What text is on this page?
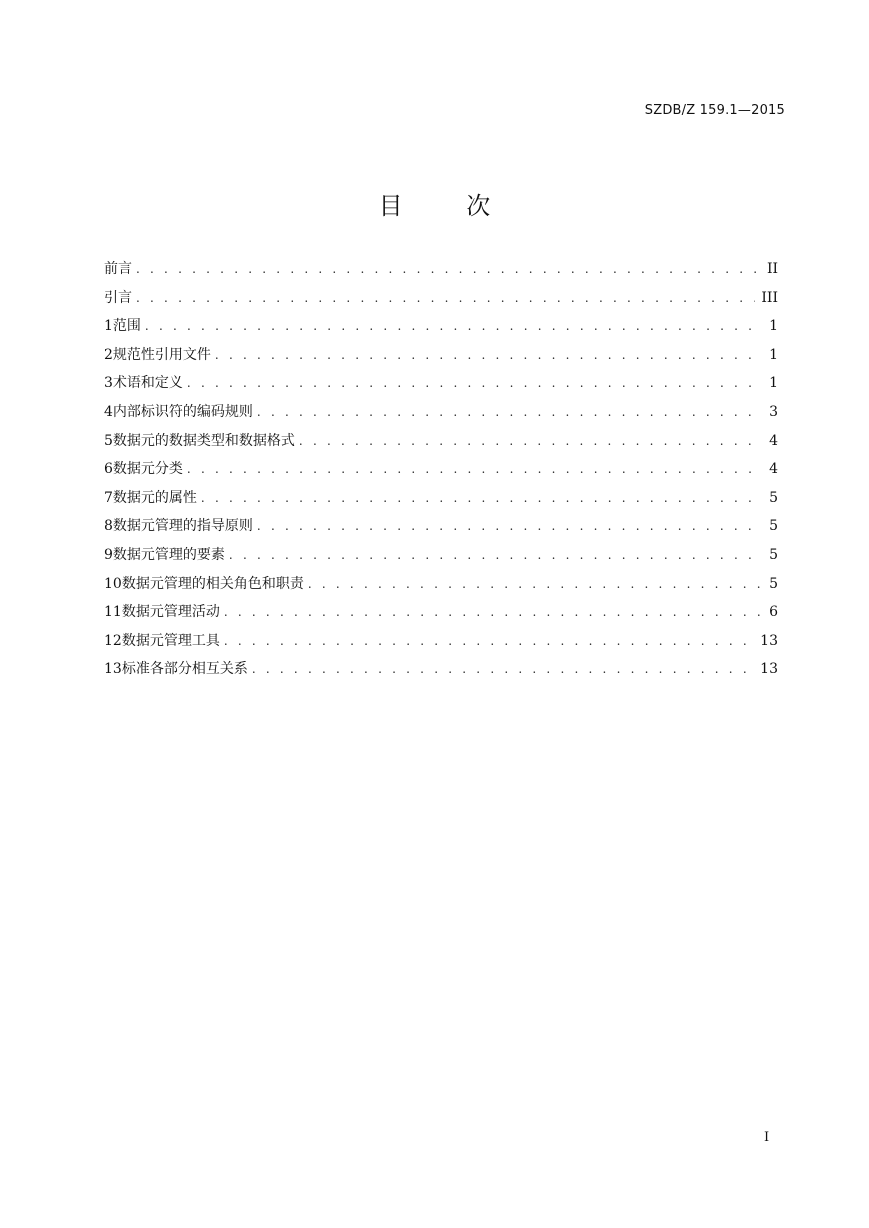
SZDB/Z 159.1—2015
目 次
前言 . . .	II
引言 . . .	III
1 范围 . . .	1
2 规范性引用文件 . . .	1
3 术语和定义 . . .	1
4 内部标识符的编码规则 . . .	3
5 数据元的数据类型和数据格式 . . .	4
6 数据元分类 . . .	4
7 数据元的属性 . . .	5
8 数据元管理的指导原则 . . .	5
9 数据元管理的要素 . . .	5
10 数据元管理的相关角色和职责 . . .	5
11 数据元管理活动 . . .	6
12 数据元管理工具 . . .	13
13 标准各部分相互关系 . . .	13
I
